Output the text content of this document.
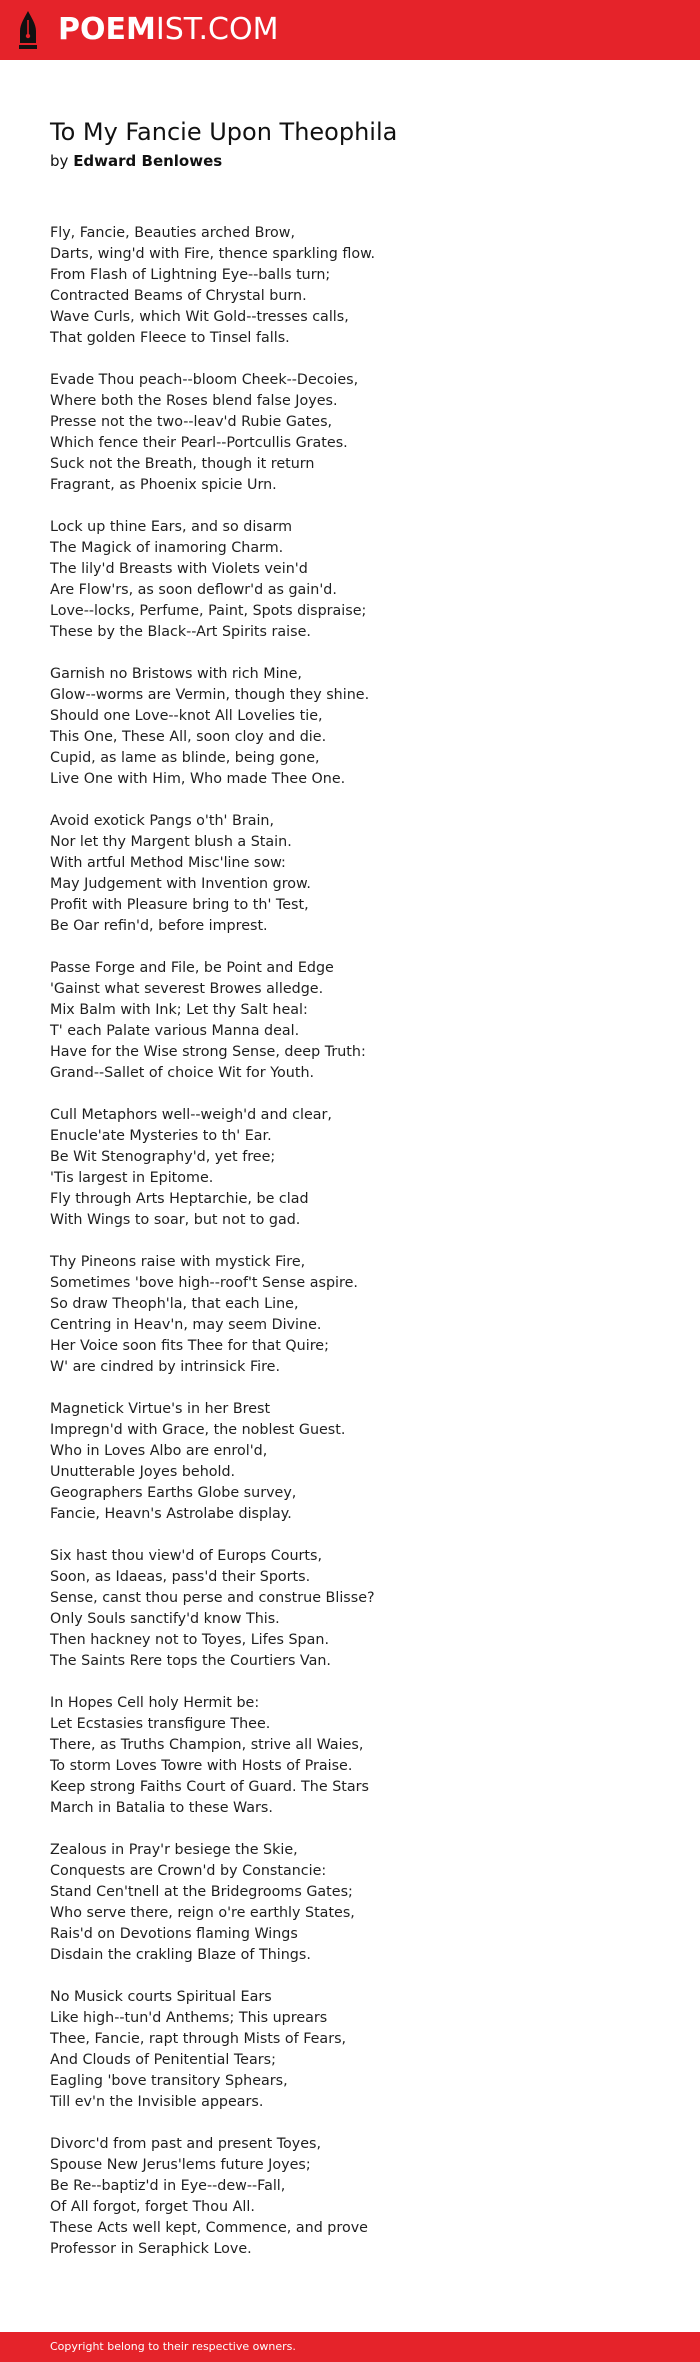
POEMIST.COM
To My Fancie Upon Theophila
by Edward Benlowes
Fly, Fancie, Beauties arched Brow,
Darts, wing'd with Fire, thence sparkling flow.
From Flash of Lightning Eye--balls turn;
Contracted Beams of Chrystal burn.
Wave Curls, which Wit Gold--tresses calls,
That golden Fleece to Tinsel falls.
Evade Thou peach--bloom Cheek--Decoies,
Where both the Roses blend false Joyes.
Presse not the two--leav'd Rubie Gates,
Which fence their Pearl--Portcullis Grates.
Suck not the Breath, though it return
Fragrant, as Phoenix spicie Urn.
Lock up thine Ears, and so disarm
The Magick of inamoring Charm.
The lily'd Breasts with Violets vein'd
Are Flow'rs, as soon deflowr'd as gain'd.
Love--locks, Perfume, Paint, Spots dispraise;
These by the Black--Art Spirits raise.
Garnish no Bristows with rich Mine,
Glow--worms are Vermin, though they shine.
Should one Love--knot All Lovelies tie,
This One, These All, soon cloy and die.
Cupid, as lame as blinde, being gone,
Live One with Him, Who made Thee One.
Avoid exotick Pangs o'th' Brain,
Nor let thy Margent blush a Stain.
With artful Method Misc'line sow:
May Judgement with Invention grow.
Profit with Pleasure bring to th' Test,
Be Oar refin'd, before imprest.
Passe Forge and File, be Point and Edge
'Gainst what severest Browes alledge.
Mix Balm with Ink; Let thy Salt heal:
T' each Palate various Manna deal.
Have for the Wise strong Sense, deep Truth:
Grand--Sallet of choice Wit for Youth.
Cull Metaphors well--weigh'd and clear,
Enucle'ate Mysteries to th' Ear.
Be Wit Stenography'd, yet free;
'Tis largest in Epitome.
Fly through Arts Heptarchie, be clad
With Wings to soar, but not to gad.
Thy Pineons raise with mystick Fire,
Sometimes 'bove high--roof't Sense aspire.
So draw Theoph'la, that each Line,
Centring in Heav'n, may seem Divine.
Her Voice soon fits Thee for that Quire;
W' are cindred by intrinsick Fire.
Magnetick Virtue's in her Brest
Impregn'd with Grace, the noblest Guest.
Who in Loves Albo are enrol'd,
Unutterable Joyes behold.
Geographers Earths Globe survey,
Fancie, Heavn's Astrolabe display.
Six hast thou view'd of Europs Courts,
Soon, as Idaeas, pass'd their Sports.
Sense, canst thou perse and construe Blisse?
Only Souls sanctify'd know This.
Then hackney not to Toyes, Lifes Span.
The Saints Rere tops the Courtiers Van.
In Hopes Cell holy Hermit be:
Let Ecstasies transfigure Thee.
There, as Truths Champion, strive all Waies,
To storm Loves Towre with Hosts of Praise.
Keep strong Faiths Court of Guard. The Stars
March in Batalia to these Wars.
Zealous in Pray'r besiege the Skie,
Conquests are Crown'd by Constancie:
Stand Cen'tnell at the Bridegrooms Gates;
Who serve there, reign o're earthly States,
Rais'd on Devotions flaming Wings
Disdain the crakling Blaze of Things.
No Musick courts Spiritual Ears
Like high--tun'd Anthems; This uprears
Thee, Fancie, rapt through Mists of Fears,
And Clouds of Penitential Tears;
Eagling 'bove transitory Sphears,
Till ev'n the Invisible appears.
Divorc'd from past and present Toyes,
Spouse New Jerus'lems future Joyes;
Be Re--baptiz'd in Eye--dew--Fall,
Of All forgot, forget Thou All.
These Acts well kept, Commence, and prove
Professor in Seraphick Love.
Copyright belong to their respective owners.
